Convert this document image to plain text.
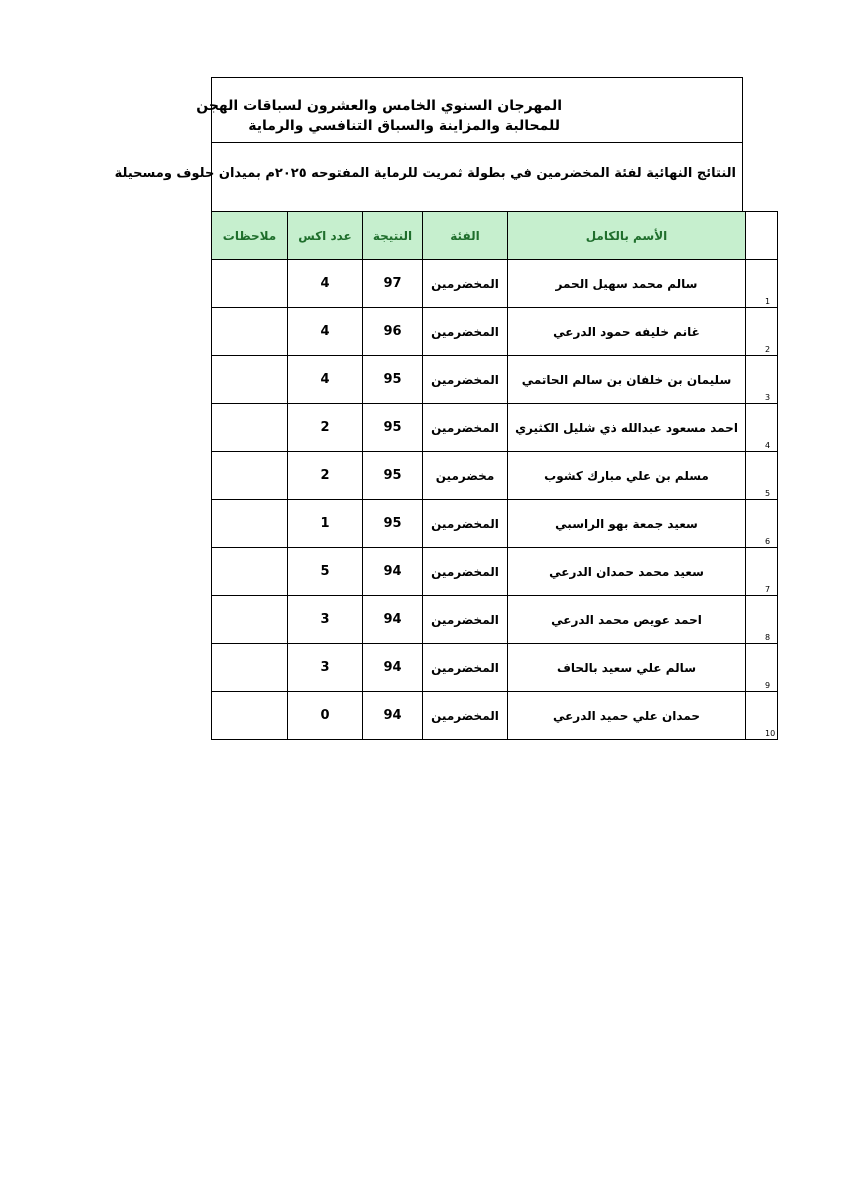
المهرجان السنوي الخامس والعشرون لسباقات الهجن
للمحالبة والمزاينة والسباق التنافسي والرماية
النتائج النهائية لفئة المخضرمين في بطولة ثمريت للرماية المفتوحه ٢٠٢٥م بميدان حلوف ومسحيلة
ملاحظات	عدد اكس	النتيجة	الفئة	الأسم بالكامل	
	4	97	المخضرمين	سالم محمد سهيل الحمر	1

	4	96	المخضرمين	غانم خليفه حمود الدرعي	2

	4	95	المخضرمين	سليمان بن خلفان بن سالم الحاتمي	3

	2	95	المخضرمين	احمد مسعود عبدالله ذي شليل الكثيري	4

	2	95	مخضرمين	مسلم بن علي مبارك كشوب	5

	1	95	المخضرمين	سعيد جمعة بهو الراسبي	6

	5	94	المخضرمين	سعيد محمد حمدان الدرعي	7

	3	94	المخضرمين	احمد عويص محمد الدرعي	8

	3	94	المخضرمين	سالم علي سعيد بالحاف	9

	0	94	المخضرمين	حمدان علي حميد الدرعي	10
